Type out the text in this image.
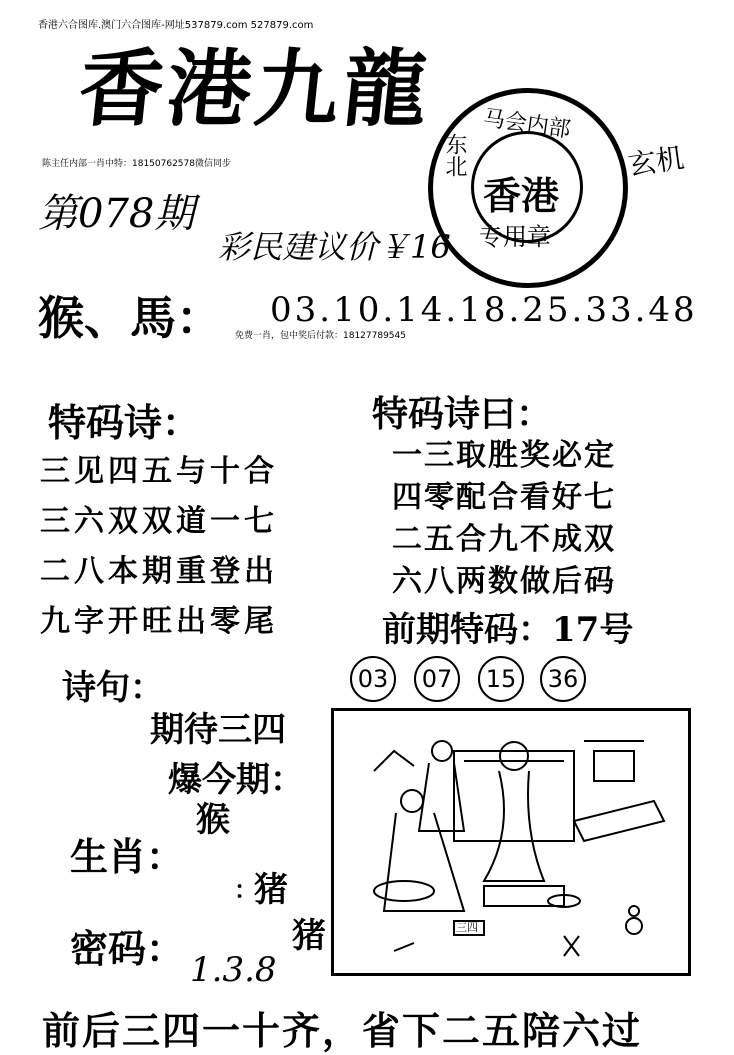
香港六合图库.澳门六合图库-网址537879.com 527879.com
香港九龍
陈主任内部一肖中特：18150762578微信同步
马会内部
东北
香港
专用章
玄机
第078期
彩民建议价￥16
猴、馬： 03.10.14.18.25.33.48
免费一肖，包中奖后付款：18127789545
特码诗：
三见四五与十合
三六双双道一七
二八本期重登出
九字开旺出零尾
特码诗曰：
一三取胜奖必定
四零配合看好七
二五合九不成双
六八两数做后码
前期特码：17号
03	07	15	36
诗句：
期待三四
爆今期：
猴
生肖：
：
猪
密码：	猪
1.3.8
三四
前后三四一十齐，省下二五陪六过
